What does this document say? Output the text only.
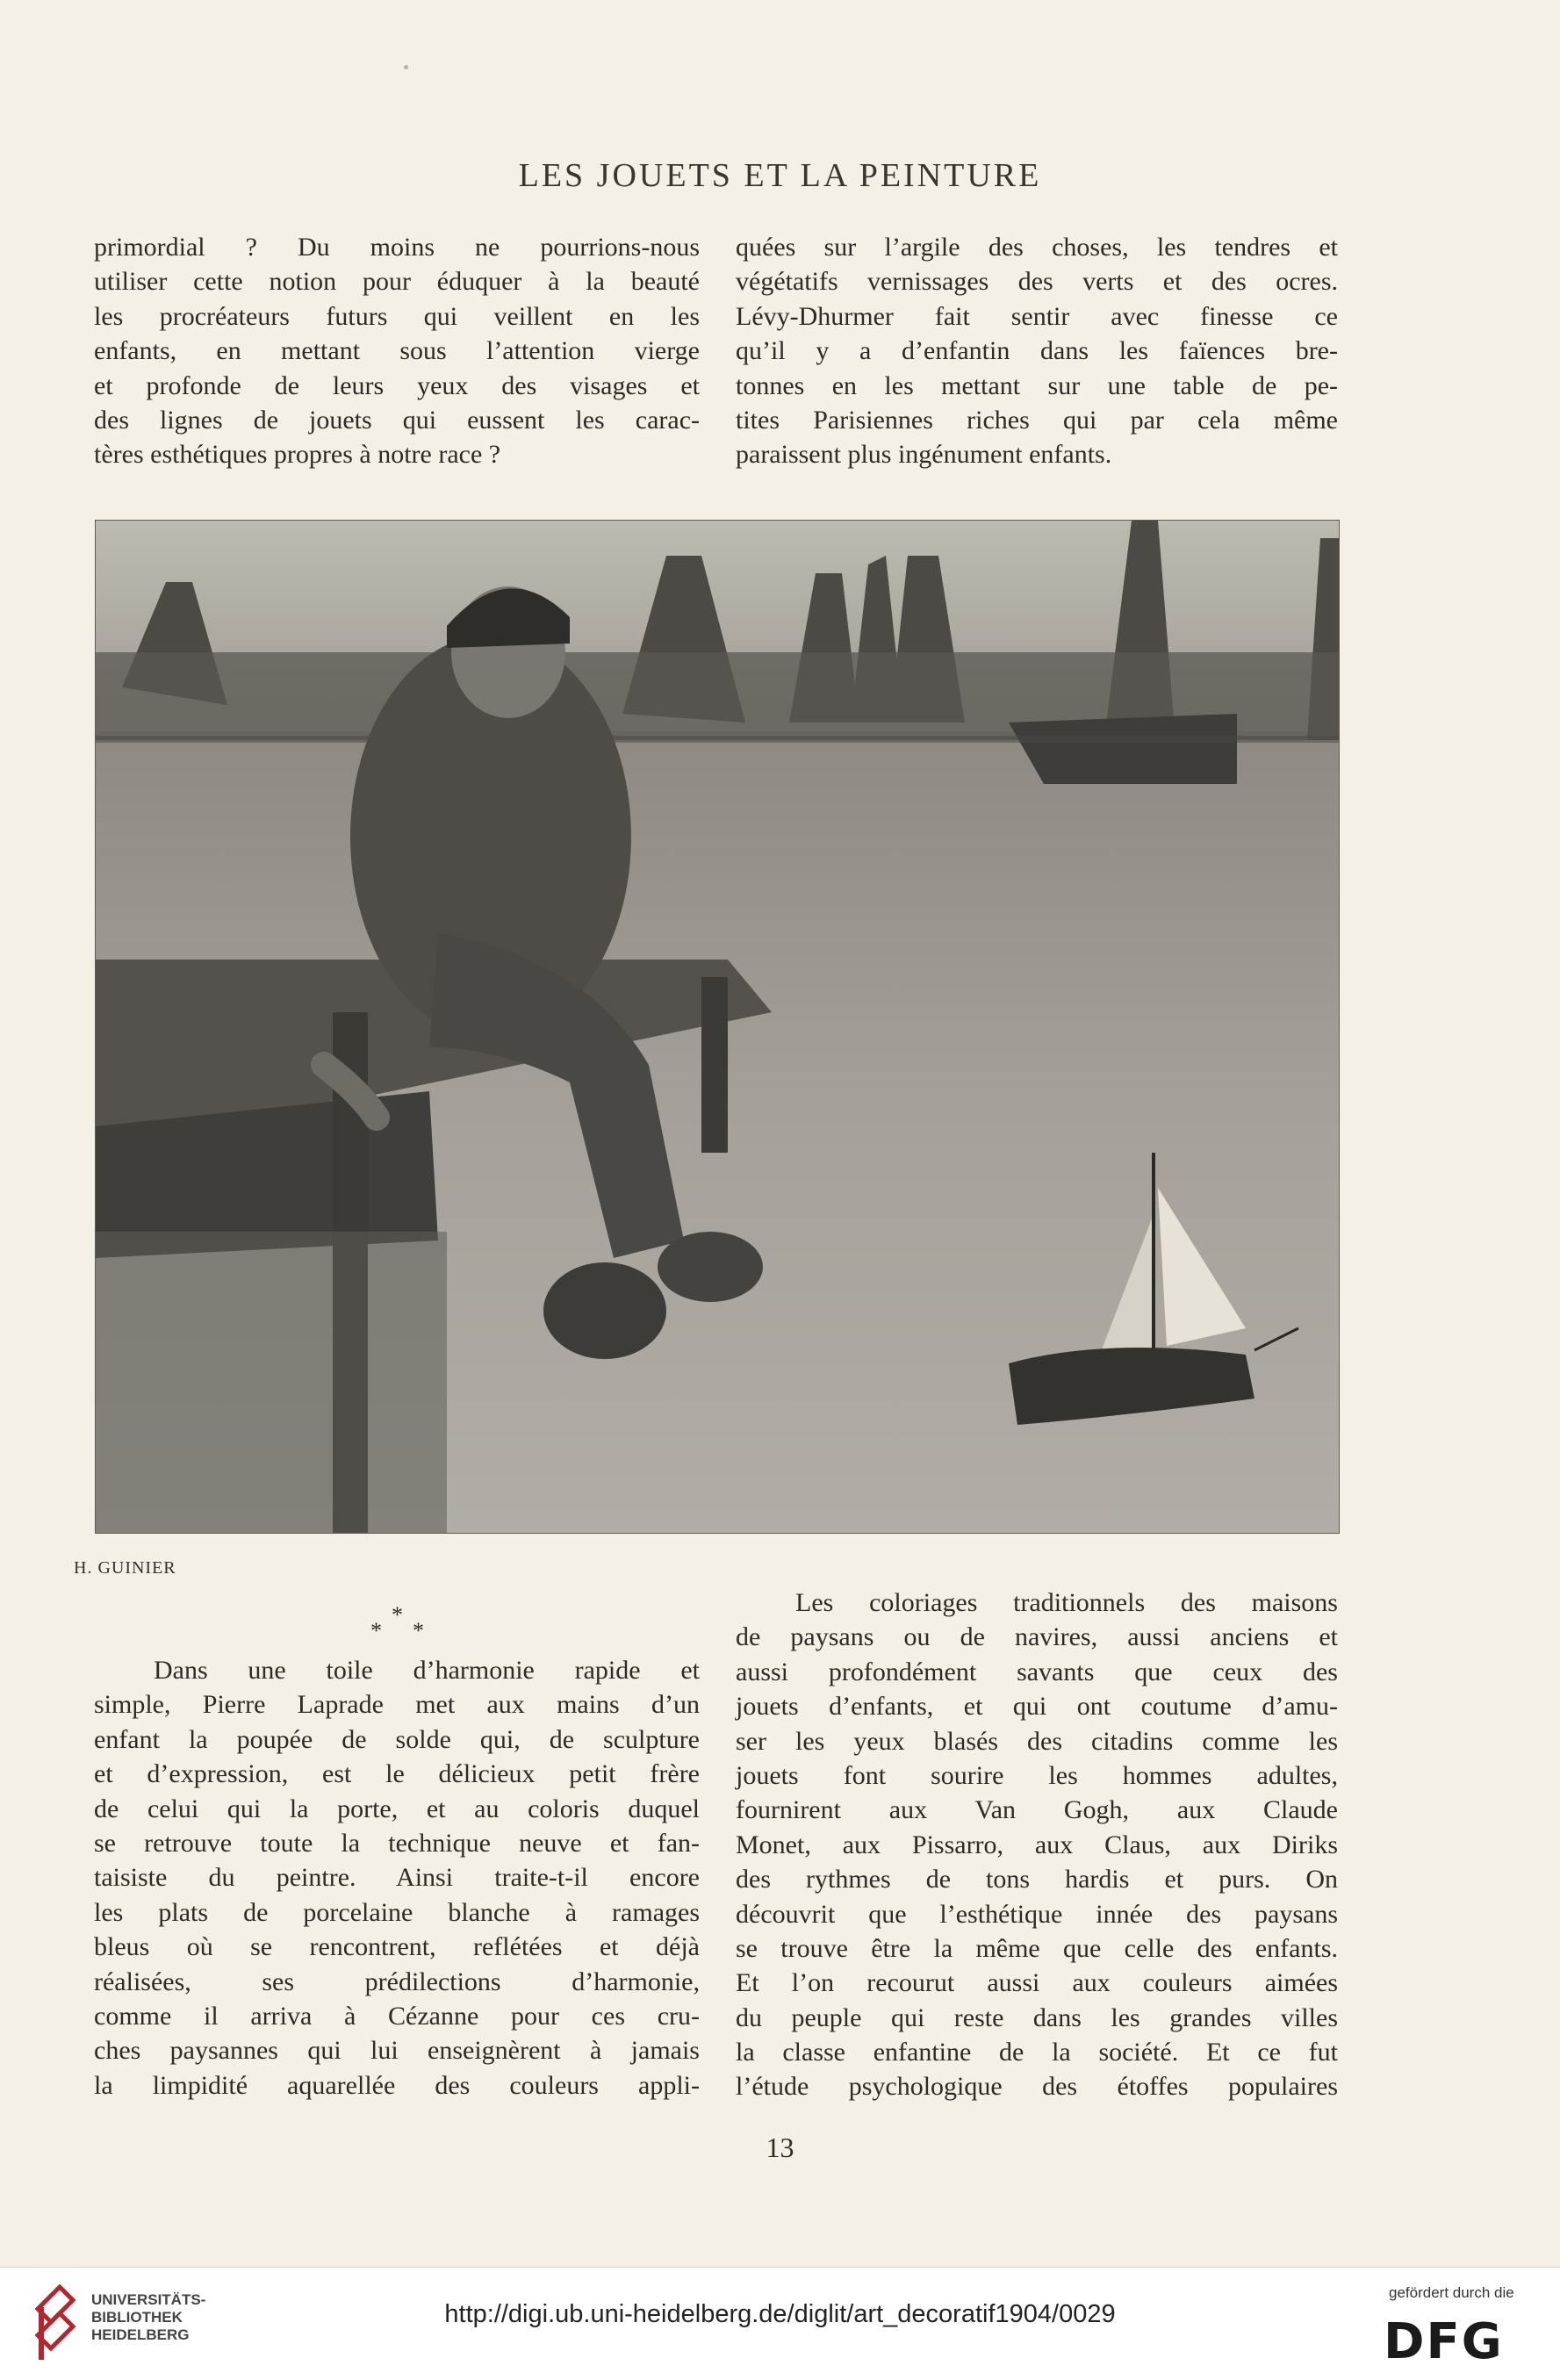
LES JOUETS ET LA PEINTURE
primordial ? Du moins ne pourrions-nous
utiliser cette notion pour éduquer à la beauté
les procréateurs futurs qui veillent en les
enfants, en mettant sous l’attention vierge
et profonde de leurs yeux des visages et
des lignes de jouets qui eussent les carac-
tères esthétiques propres à notre race ?
quées sur l’argile des choses, les tendres et
végétatifs vernissages des verts et des ocres.
Lévy-Dhurmer fait sentir avec finesse ce
qu’il y a d’enfantin dans les faïences bre-
tonnes en les mettant sur une table de pe-
tites Parisiennes riches qui par cela même
paraissent plus ingénument enfants.
H. GUINIER
*
* *
Dans une toile d’harmonie rapide et
simple, Pierre Laprade met aux mains d’un
enfant la poupée de solde qui, de sculpture
et d’expression, est le délicieux petit frère
de celui qui la porte, et au coloris duquel
se retrouve toute la technique neuve et fan-
taisiste du peintre. Ainsi traite-t-il encore
les plats de porcelaine blanche à ramages
bleus où se rencontrent, reflétées et déjà
réalisées, ses prédilections d’harmonie,
comme il arriva à Cézanne pour ces cru-
ches paysannes qui lui enseignèrent à jamais
la limpidité aquarellée des couleurs appli-
Les coloriages traditionnels des maisons
de paysans ou de navires, aussi anciens et
aussi profondément savants que ceux des
jouets d’enfants, et qui ont coutume d’amu-
ser les yeux blasés des citadins comme les
jouets font sourire les hommes adultes,
fournirent aux Van Gogh, aux Claude
Monet, aux Pissarro, aux Claus, aux Diriks
des rythmes de tons hardis et purs. On
découvrit que l’esthétique innée des paysans
se trouve être la même que celle des enfants.
Et l’on recourut aussi aux couleurs aimées
du peuple qui reste dans les grandes villes
la classe enfantine de la société. Et ce fut
l’étude psychologique des étoffes populaires
13
UNIVERSITÄTS-
BIBLIOTHEK
HEIDELBERG
http://digi.ub.uni-heidelberg.de/diglit/art_decoratif1904/0029
gefördert durch die
DFG
